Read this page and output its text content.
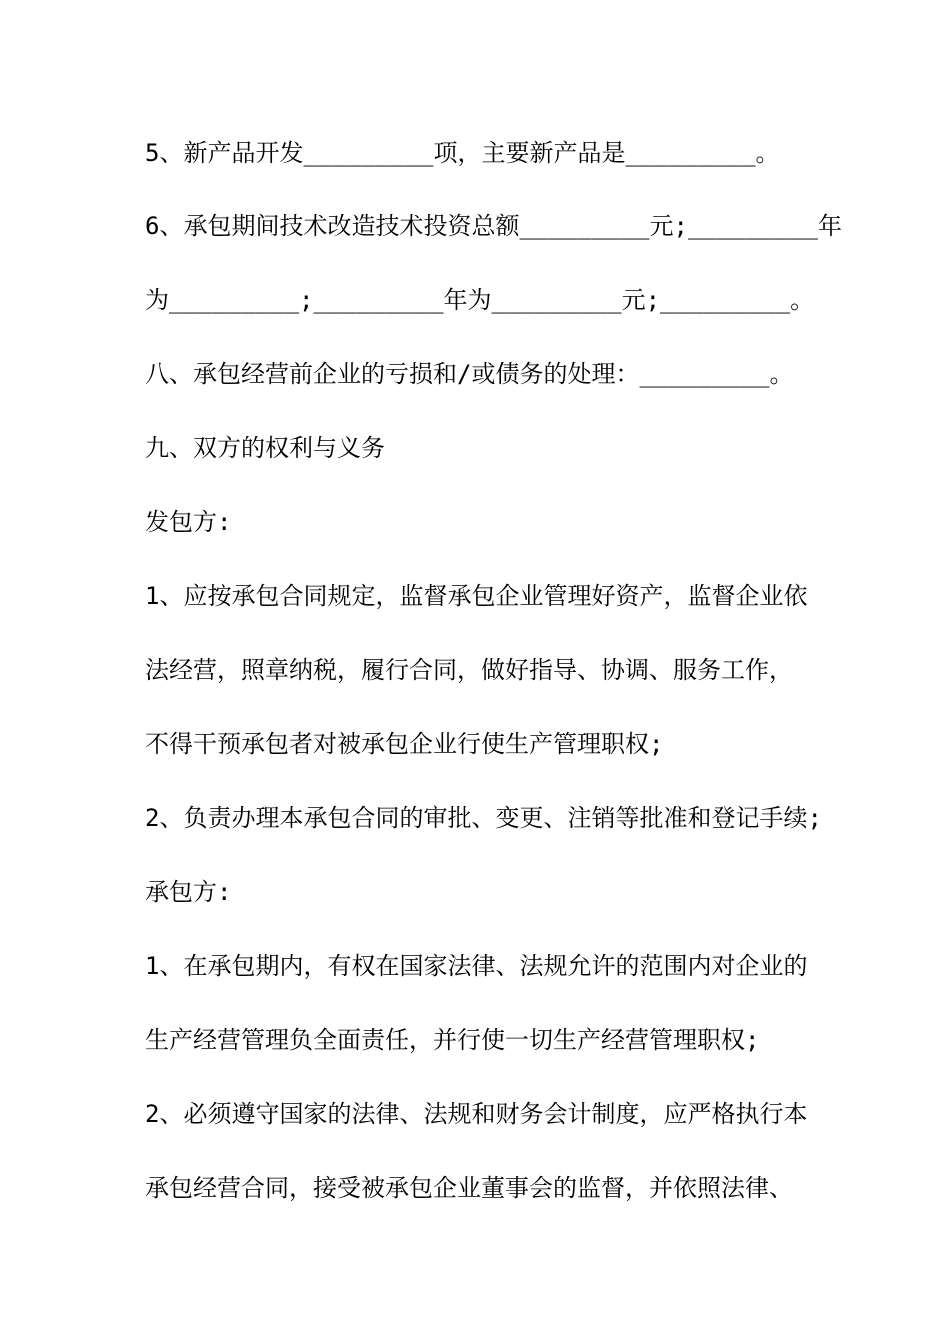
5、新产品开发_________项，主要新产品是_________。
6、承包期间技术改造技术投资总额_________元;_________年
为_________;_________年为_________元;_________。
八、承包经营前企业的亏损和/或债务的处理：_________。
九、双方的权利与义务
发包方:
1、应按承包合同规定，监督承包企业管理好资产，监督企业依
法经营，照章纳税，履行合同，做好指导、协调、服务工作，
不得干预承包者对被承包企业行使生产管理职权;
2、负责办理本承包合同的审批、变更、注销等批准和登记手续;
承包方:
1、在承包期内，有权在国家法律、法规允许的范围内对企业的
生产经营管理负全面责任，并行使一切生产经营管理职权;
2、必须遵守国家的法律、法规和财务会计制度，应严格执行本
承包经营合同，接受被承包企业董事会的监督，并依照法律、
